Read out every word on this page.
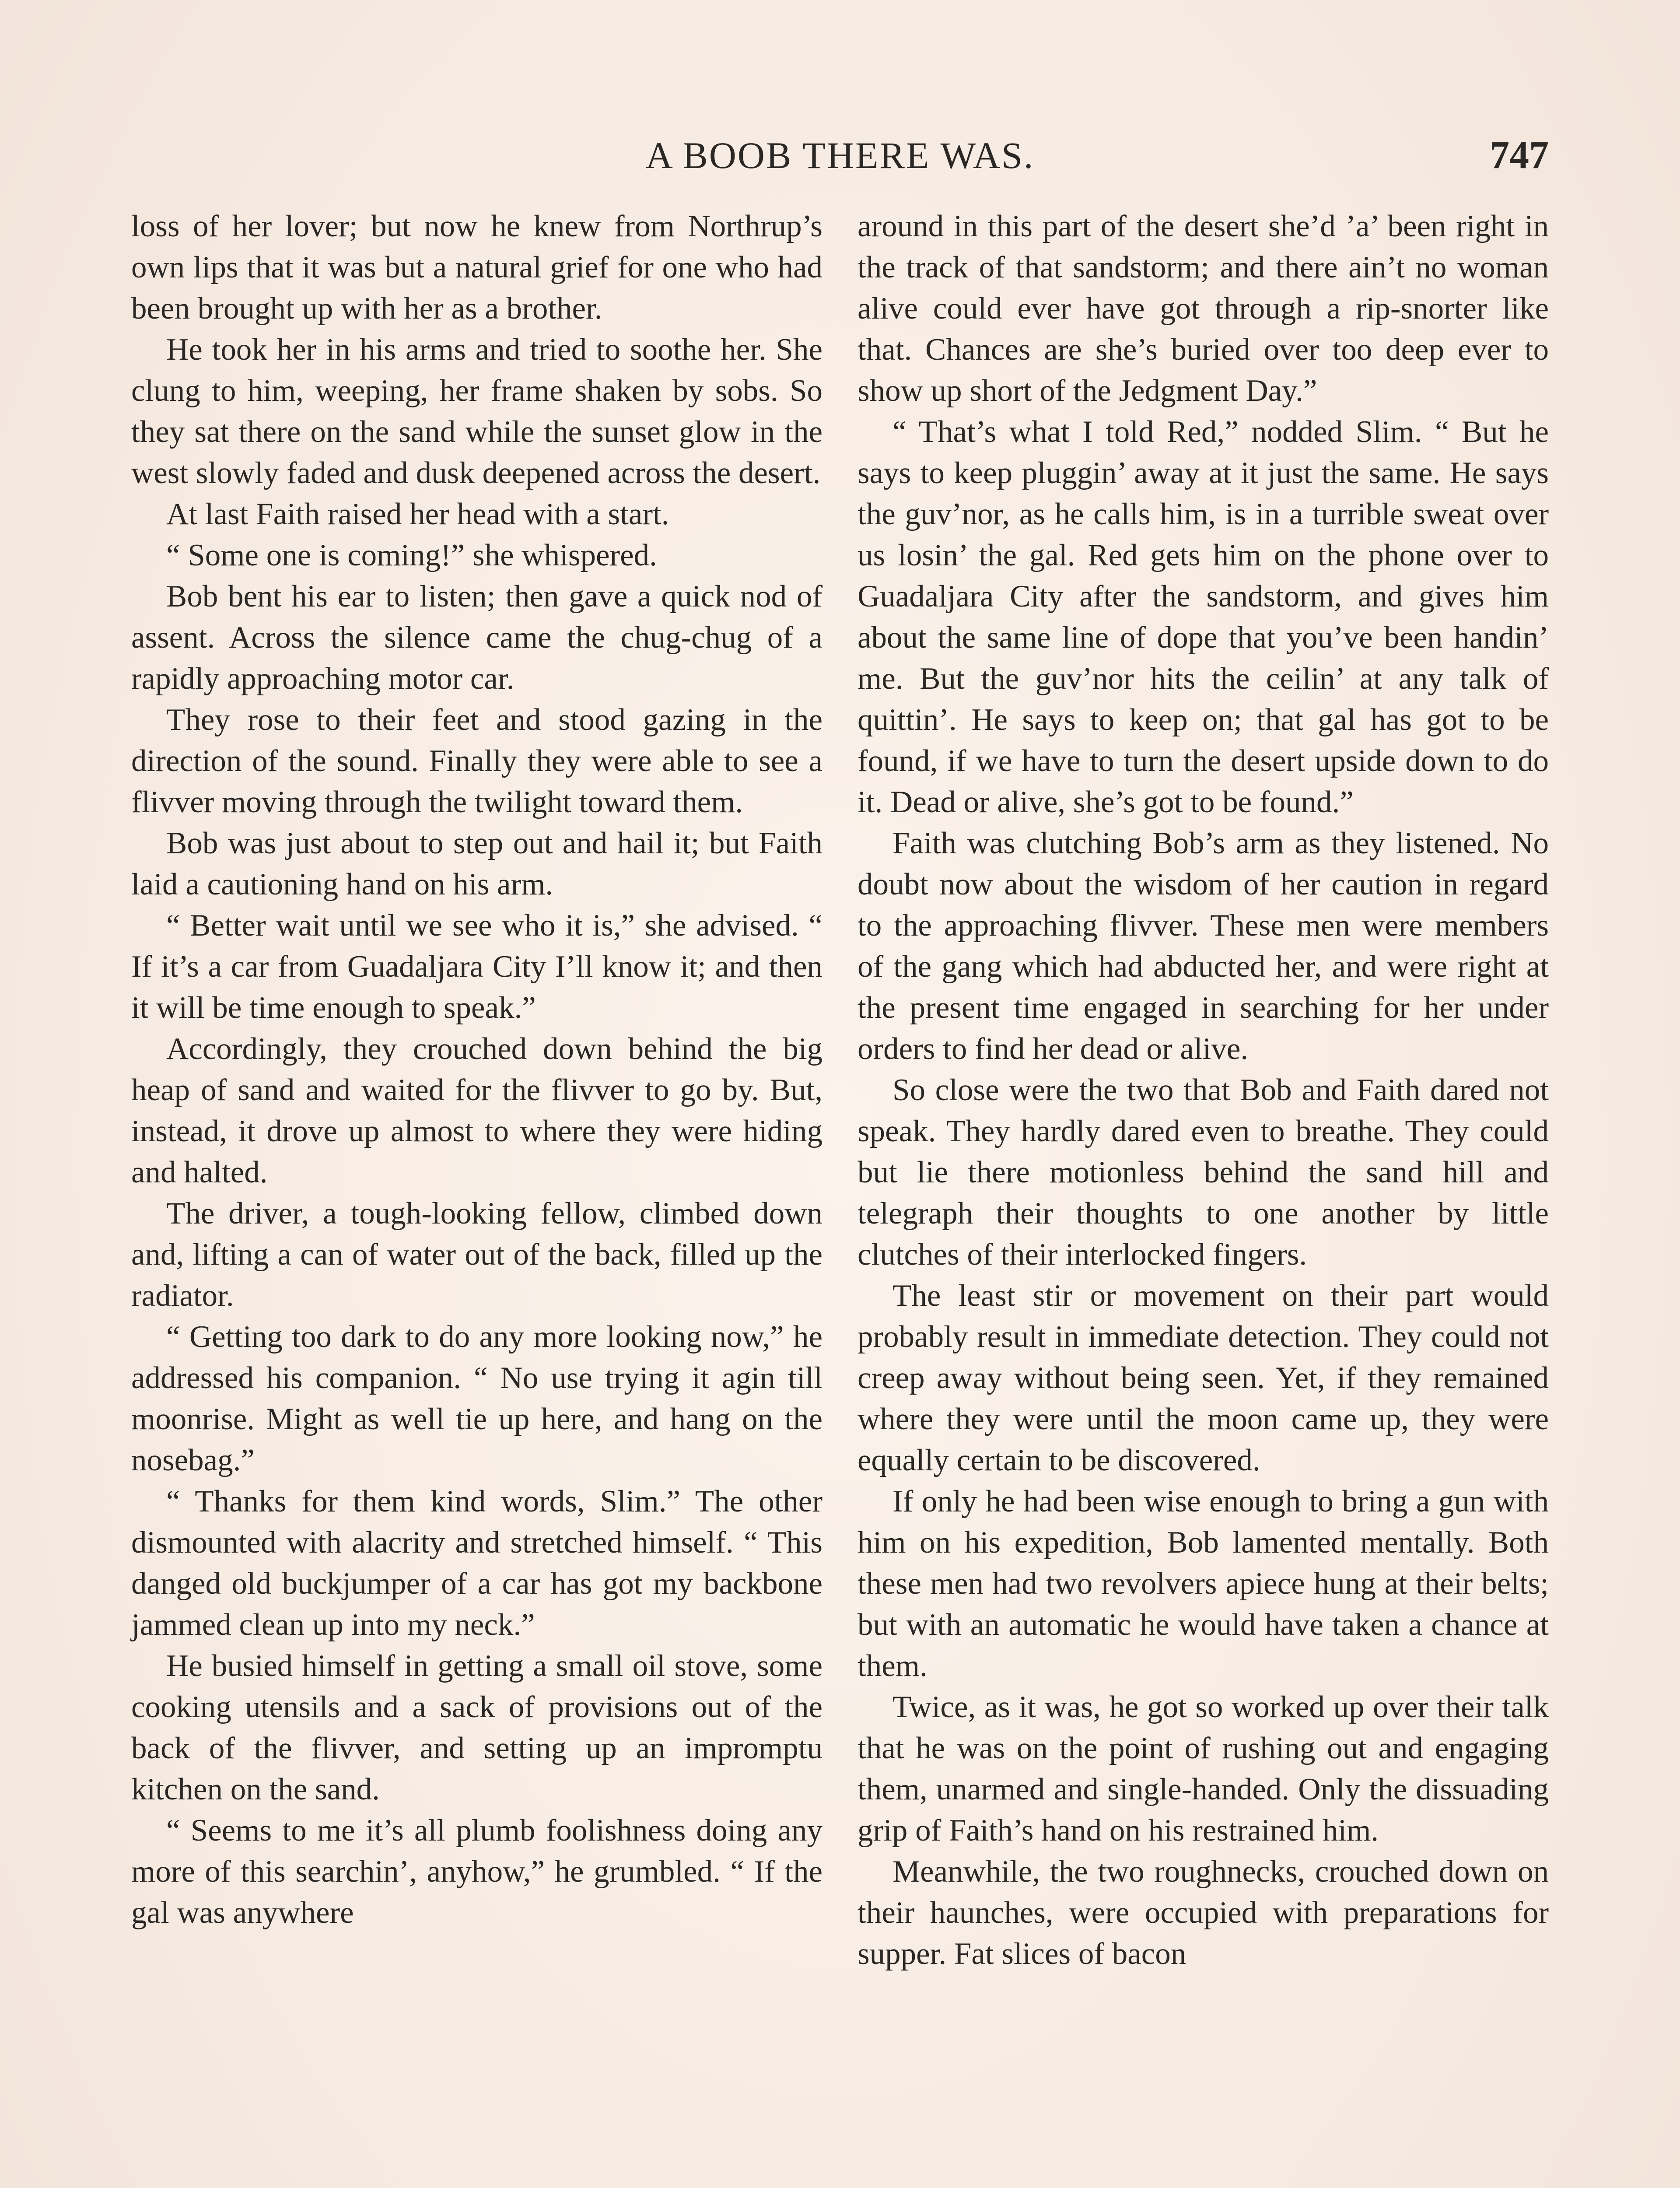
A BOOB THERE WAS.	747

loss of her lover; but now he knew from Northrup’s own lips that it was but a natural grief for one who had been brought up with her as a brother.

He took her in his arms and tried to soothe her. She clung to him, weeping, her frame shaken by sobs. So they sat there on the sand while the sunset glow in the west slowly faded and dusk deepened across the desert.

At last Faith raised her head with a start.

“ Some one is coming!” she whispered.

Bob bent his ear to listen; then gave a quick nod of assent. Across the silence came the chug-chug of a rapidly approaching motor car.

They rose to their feet and stood gazing in the direction of the sound. Finally they were able to see a flivver moving through the twilight toward them.

Bob was just about to step out and hail it; but Faith laid a cautioning hand on his arm.

“ Better wait until we see who it is,” she advised. “ If it’s a car from Guadaljara City I’ll know it; and then it will be time enough to speak.”

Accordingly, they crouched down behind the big heap of sand and waited for the flivver to go by. But, instead, it drove up almost to where they were hiding and halted.

The driver, a tough-looking fellow, climbed down and, lifting a can of water out of the back, filled up the radiator.

“ Getting too dark to do any more looking now,” he addressed his companion. “ No use trying it agin till moonrise. Might as well tie up here, and hang on the nosebag.”

“ Thanks for them kind words, Slim.” The other dismounted with alacrity and stretched himself. “ This danged old buckjumper of a car has got my backbone jammed clean up into my neck.”

He busied himself in getting a small oil stove, some cooking utensils and a sack of provisions out of the back of the flivver, and setting up an impromptu kitchen on the sand.

“ Seems to me it’s all plumb foolishness doing any more of this searchin’, anyhow,” he grumbled. “ If the gal was anywhere

around in this part of the desert she’d ’a’ been right in the track of that sandstorm; and there ain’t no woman alive could ever have got through a rip-snorter like that. Chances are she’s buried over too deep ever to show up short of the Jedgment Day.”

“ That’s what I told Red,” nodded Slim. “ But he says to keep pluggin’ away at it just the same. He says the guv’nor, as he calls him, is in a turrible sweat over us losin’ the gal. Red gets him on the phone over to Guadaljara City after the sandstorm, and gives him about the same line of dope that you’ve been handin’ me. But the guv’nor hits the ceilin’ at any talk of quittin’. He says to keep on; that gal has got to be found, if we have to turn the desert upside down to do it. Dead or alive, she’s got to be found.”

Faith was clutching Bob’s arm as they listened. No doubt now about the wisdom of her caution in regard to the approaching flivver. These men were members of the gang which had abducted her, and were right at the present time engaged in searching for her under orders to find her dead or alive.

So close were the two that Bob and Faith dared not speak. They hardly dared even to breathe. They could but lie there motionless behind the sand hill and telegraph their thoughts to one another by little clutches of their interlocked fingers.

The least stir or movement on their part would probably result in immediate detection. They could not creep away without being seen. Yet, if they remained where they were until the moon came up, they were equally certain to be discovered.

If only he had been wise enough to bring a gun with him on his expedition, Bob lamented mentally. Both these men had two revolvers apiece hung at their belts; but with an automatic he would have taken a chance at them.

Twice, as it was, he got so worked up over their talk that he was on the point of rushing out and engaging them, unarmed and single-handed. Only the dissuading grip of Faith’s hand on his restrained him.

Meanwhile, the two roughnecks, crouched down on their haunches, were occupied with preparations for supper. Fat slices of bacon
